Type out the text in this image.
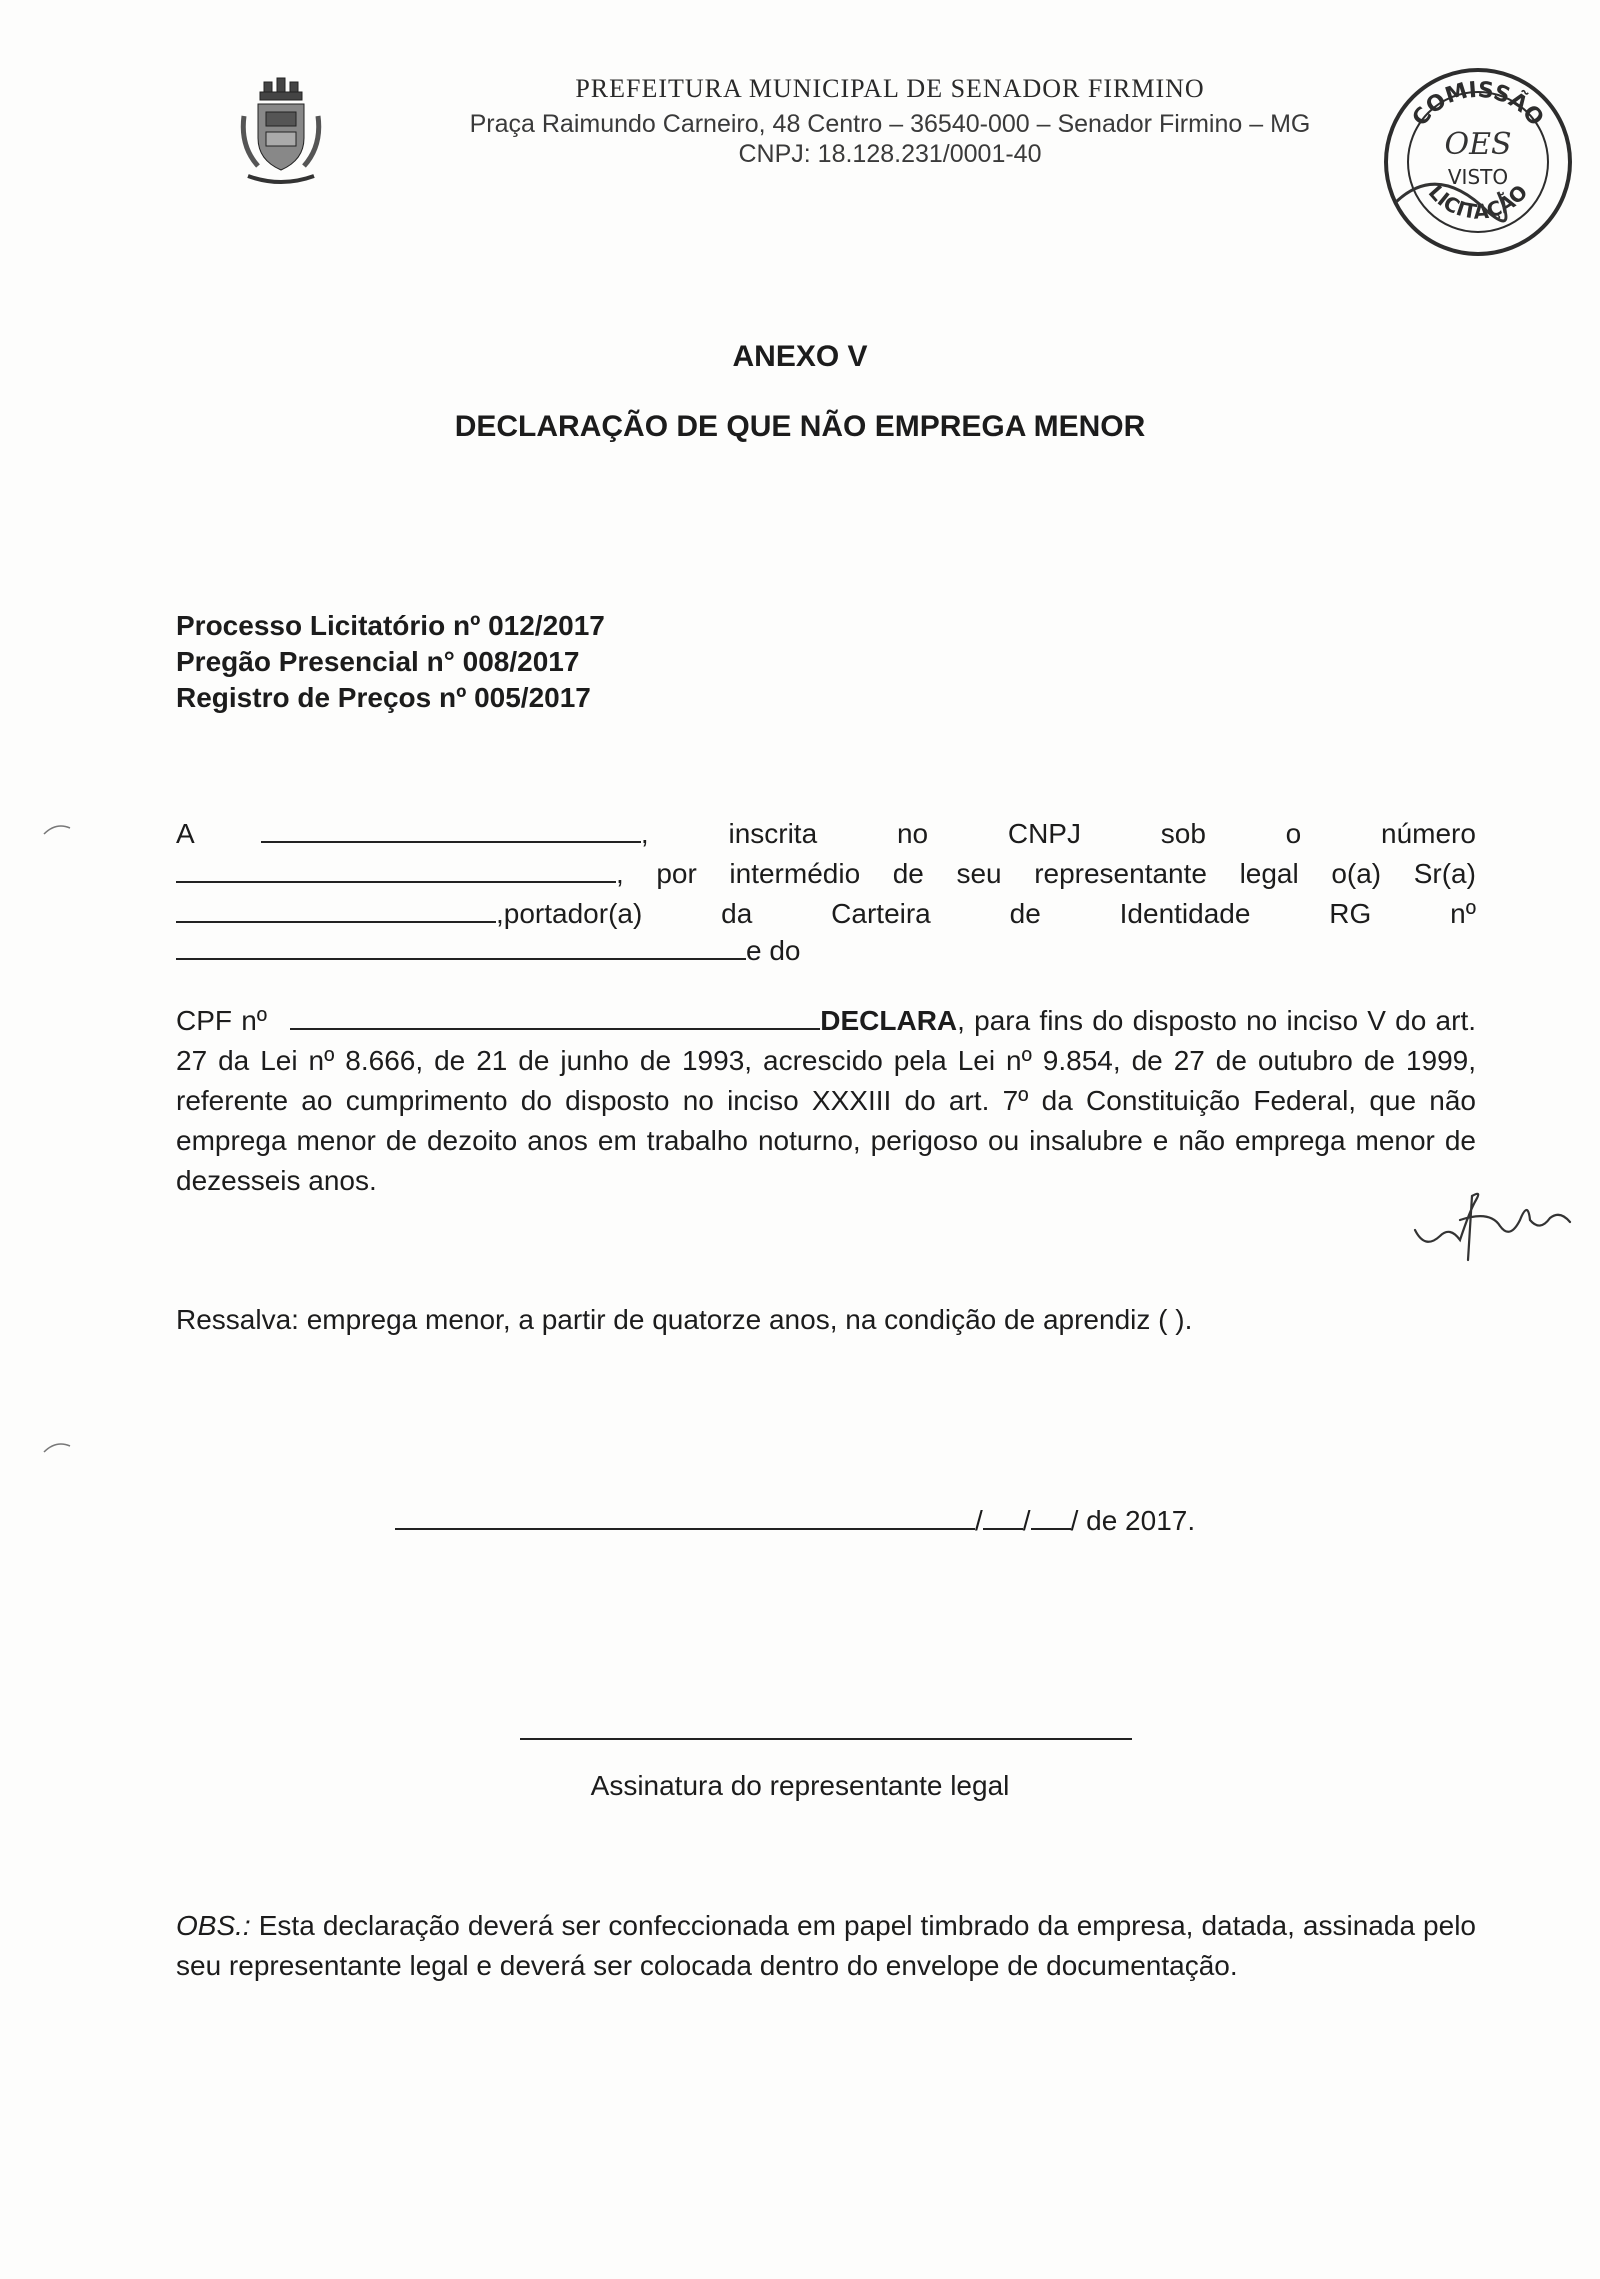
PREFEITURA MUNICIPAL DE SENADOR FIRMINO
Praça Raimundo Carneiro, 48 Centro – 36540-000 – Senador Firmino – MG
CNPJ: 18.128.231/0001-40
COMISSÃO
LICITAÇÃO
VISTO
OES
ANEXO V
DECLARAÇÃO DE QUE NÃO EMPREGA MENOR
Processo Licitatório nº 012/2017
Pregão Presencial n° 008/2017
Registro de Preços nº 005/2017
A	,	inscrita	no	CNPJ	sob	o	número
, por intermédio de seu representante legal o(a) Sr(a)
,portador(a)	da	Carteira	de	Identidade	RG	nº
e do
CPF nº	DECLARA, para fins do disposto no inciso V do art. 27 da Lei nº 8.666, de 21 de junho de 1993, acrescido pela Lei nº 9.854, de 27 de outubro de 1999, referente ao cumprimento do disposto no inciso XXXIII do art. 7º da Constituição Federal, que não emprega menor de dezoito anos em trabalho noturno, perigoso ou insalubre e não emprega menor de dezesseis anos.
Ressalva: emprega menor, a partir de quatorze anos, na condição de aprendiz ( ).
/ / / de 2017.
Assinatura do representante legal
OBS.: Esta declaração deverá ser confeccionada em papel timbrado da empresa, datada, assinada pelo seu representante legal e deverá ser colocada dentro do envelope de documentação.
